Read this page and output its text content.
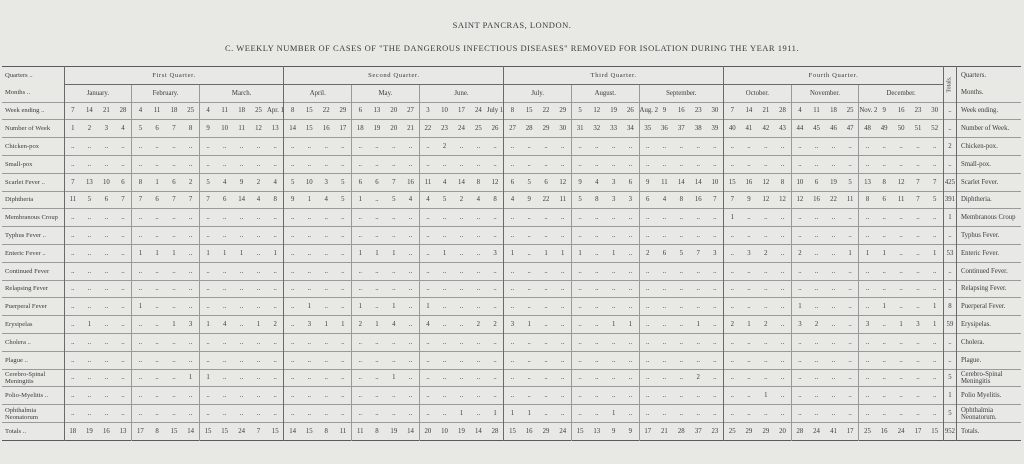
SAINT PANCRAS, LONDON.
C. WEEKLY NUMBER OF CASES OF "THE DANGEROUS INFECTIOUS DISEASES" REMOVED FOR ISOLATION DURING THE YEAR 1911.
Quarters ..	First Quarter.													Second Quarter.													Third Quarter.													Fourth Quarter.													Totals.	Quarters.
Months ..	January.				February.				March.					April.				May.				June.					July.				August.				September.					October.				November.				December.						Months.
Week ending ..	7	14	21	28	4	11	18	25	4	11	18	25	Apr. 1	8	15	22	29	6	13	20	27	3	10	17	24	July 1	8	15	22	29	5	12	19	26	Aug. 2	9	16	23	30	7	14	21	28	4	11	18	25	Nov. 2	9	16	23	30	..	Week ending.
Number of Week	1	2	3	4	5	6	7	8	9	10	11	12	13	14	15	16	17	18	19	20	21	22	23	24	25	26	27	28	29	30	31	32	33	34	35	36	37	38	39	40	41	42	43	44	45	46	47	48	49	50	51	52	..	Number of Week.
Chicken-pox	..	..	..	..	..	..	..	..	..	..	..	..	..	..	..	..	..	..	..	..	..	..	2	..	..	..	..	..	..	..	..	..	..	..	..	..	..	..	..	..	..	..	..	..	..	..	..	..	..	..	..	..	2	Chicken-pox.
Small-pox	..	..	..	..	..	..	..	..	..	..	..	..	..	..	..	..	..	..	..	..	..	..	..	..	..	..	..	..	..	..	..	..	..	..	..	..	..	..	..	..	..	..	..	..	..	..	..	..	..	..	..	..	..	Small-pox.
Scarlet Fever ..	7	13	10	6	8	1	6	2	5	4	9	2	4	5	10	3	5	6	6	7	16	11	4	14	8	12	6	5	6	12	9	4	3	6	9	11	14	14	10	15	16	12	8	10	6	19	5	13	8	12	7	7	425	Scarlet Fever.
Diphtheria	11	5	6	7	7	6	7	7	7	6	14	4	8	9	1	4	5	1	..	5	4	4	5	2	4	8	4	9	22	11	5	8	3	3	6	4	8	16	7	7	9	12	12	12	16	22	11	8	6	11	7	5	391	Diphtheria.
Membranous Croup	..	..	..	..	..	..	..	..	..	..	..	..	..	..	..	..	..	..	..	..	..	..	..	..	..	..	..	..	..	..	..	..	..	..	..	..	..	..	..	1	..	..	..	..	..	..	..	..	..	..	..	..	1	Membranous Croup
Typhus Fever ..	..	..	..	..	..	..	..	..	..	..	..	..	..	..	..	..	..	..	..	..	..	..	..	..	..	..	..	..	..	..	..	..	..	..	..	..	..	..	..	..	..	..	..	..	..	..	..	..	..	..	..	..	..	Typhus Fever.
Enteric Fever ..	..	..	..	..	1	1	1	..	1	1	1	..	1	..	..	..	..	1	1	1	..	..	1	..	..	3	1	..	1	1	1	..	1	..	2	6	5	7	3	..	3	2	..	2	..	..	1	1	1	..	..	1	53	Enteric Fever.
Continued Fever	..	..	..	..	..	..	..	..	..	..	..	..	..	..	..	..	..	..	..	..	..	..	..	..	..	..	..	..	..	..	..	..	..	..	..	..	..	..	..	..	..	..	..	..	..	..	..	..	..	..	..	..	..	Continued Fever.
Relapsing Fever	..	..	..	..	..	..	..	..	..	..	..	..	..	..	..	..	..	..	..	..	..	..	..	..	..	..	..	..	..	..	..	..	..	..	..	..	..	..	..	..	..	..	..	..	..	..	..	..	..	..	..	..	..	Relapsing Fever.
Puerperal Fever	..	..	..	..	1	..	..	..	..	..	..	..	..	..	1	..	..	1	..	1	..	1	..	..	..	..	..	..	..	..	..	..	..	..	..	..	..	..	..	..	..	..	..	1	..	..	..	..	1	..	..	1	8	Puerperal Fever.
Erysipelas	..	1	..	..	..	..	1	3	1	4	..	1	2	..	3	1	1	2	1	4	..	4	..	..	2	2	3	1	..	..	..	..	1	1	..	..	..	1	..	2	1	2	..	3	2	..	..	3	..	1	3	1	59	Erysipelas.
Cholera ..	..	..	..	..	..	..	..	..	..	..	..	..	..	..	..	..	..	..	..	..	..	..	..	..	..	..	..	..	..	..	..	..	..	..	..	..	..	..	..	..	..	..	..	..	..	..	..	..	..	..	..	..	..	Cholera.
Plague ..	..	..	..	..	..	..	..	..	..	..	..	..	..	..	..	..	..	..	..	..	..	..	..	..	..	..	..	..	..	..	..	..	..	..	..	..	..	..	..	..	..	..	..	..	..	..	..	..	..	..	..	..	..	Plague.
Cerebro-Spinal Meningitis	..	..	..	..	..	..	..	1	1	..	..	..	..	..	..	..	..	..	..	1	..	..	..	..	..	..	..	..	..	..	..	..	..	..	..	..	..	2	..	..	..	..	..	..	..	..	..	..	..	..	..	..	5	Cerebro-Spinal Meningitis
Polio-Myelitis ..	..	..	..	..	..	..	..	..	..	..	..	..	..	..	..	..	..	..	..	..	..	..	..	..	..	..	..	..	..	..	..	..	..	..	..	..	..	..	..	..	..	1	..	..	..	..	..	..	..	..	..	..	1	Polio Myelitis.
Ophthalmia Neonatorum	..	..	..	..	..	..	..	..	..	..	..	..	..	..	..	..	..	..	..	..	..	..	..	1	..	1	1	1	..	..	..	..	1	..	..	..	..	..	..	..	..	..	..	..	..	..	..	..	..	..	..	..	5	Ophthalmia Neonatorum.
Totals ..	18	19	16	13	17	8	15	14	15	15	24	7	15	14	15	8	11	11	8	19	14	20	10	19	14	28	15	16	29	24	15	13	9	9	17	21	28	37	23	25	29	29	20	28	24	41	17	25	16	24	17	15	952	Totals.
